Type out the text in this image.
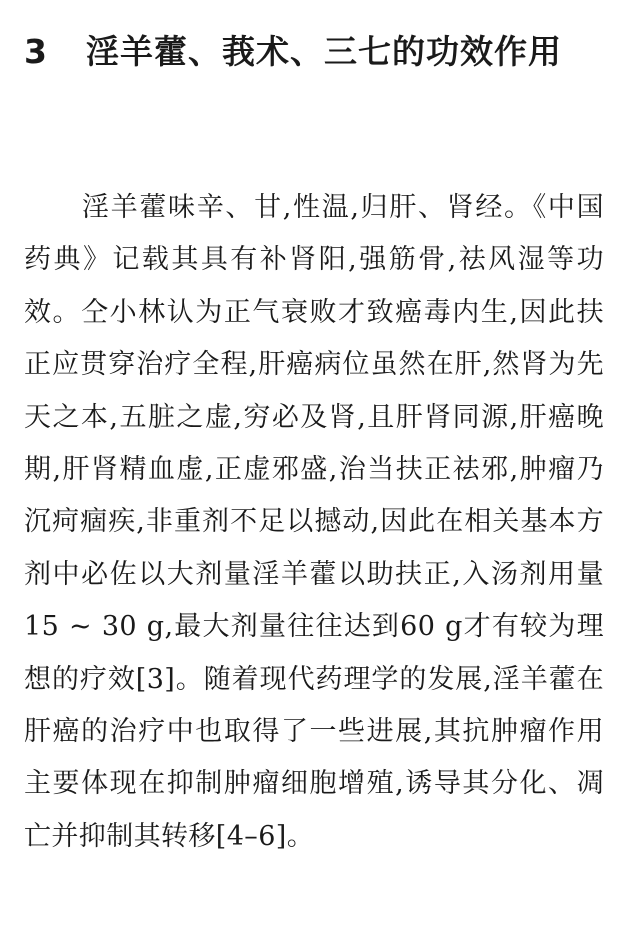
3 淫羊藿、莪术、三七的功效作用

淫羊藿味辛、甘,性温,归肝、肾经。《中国药典》记载其具有补肾阳,强筋骨,祛风湿等功效。仝小林认为正气衰败才致癌毒内生,因此扶正应贯穿治疗全程,肝癌病位虽然在肝,然肾为先天之本,五脏之虚,穷必及肾,且肝肾同源,肝癌晚期,肝肾精血虚,正虚邪盛,治当扶正祛邪,肿瘤乃沉疴痼疾,非重剂不足以撼动,因此在相关基本方剂中必佐以大剂量淫羊藿以助扶正,入汤剂用量15 ~ 30 g,最大剂量往往达到60 g才有较为理想的疗效[3]。随着现代药理学的发展,淫羊藿在肝癌的治疗中也取得了一些进展,其抗肿瘤作用主要体现在抑制肿瘤细胞增殖,诱导其分化、凋亡并抑制其转移[4–6]。
